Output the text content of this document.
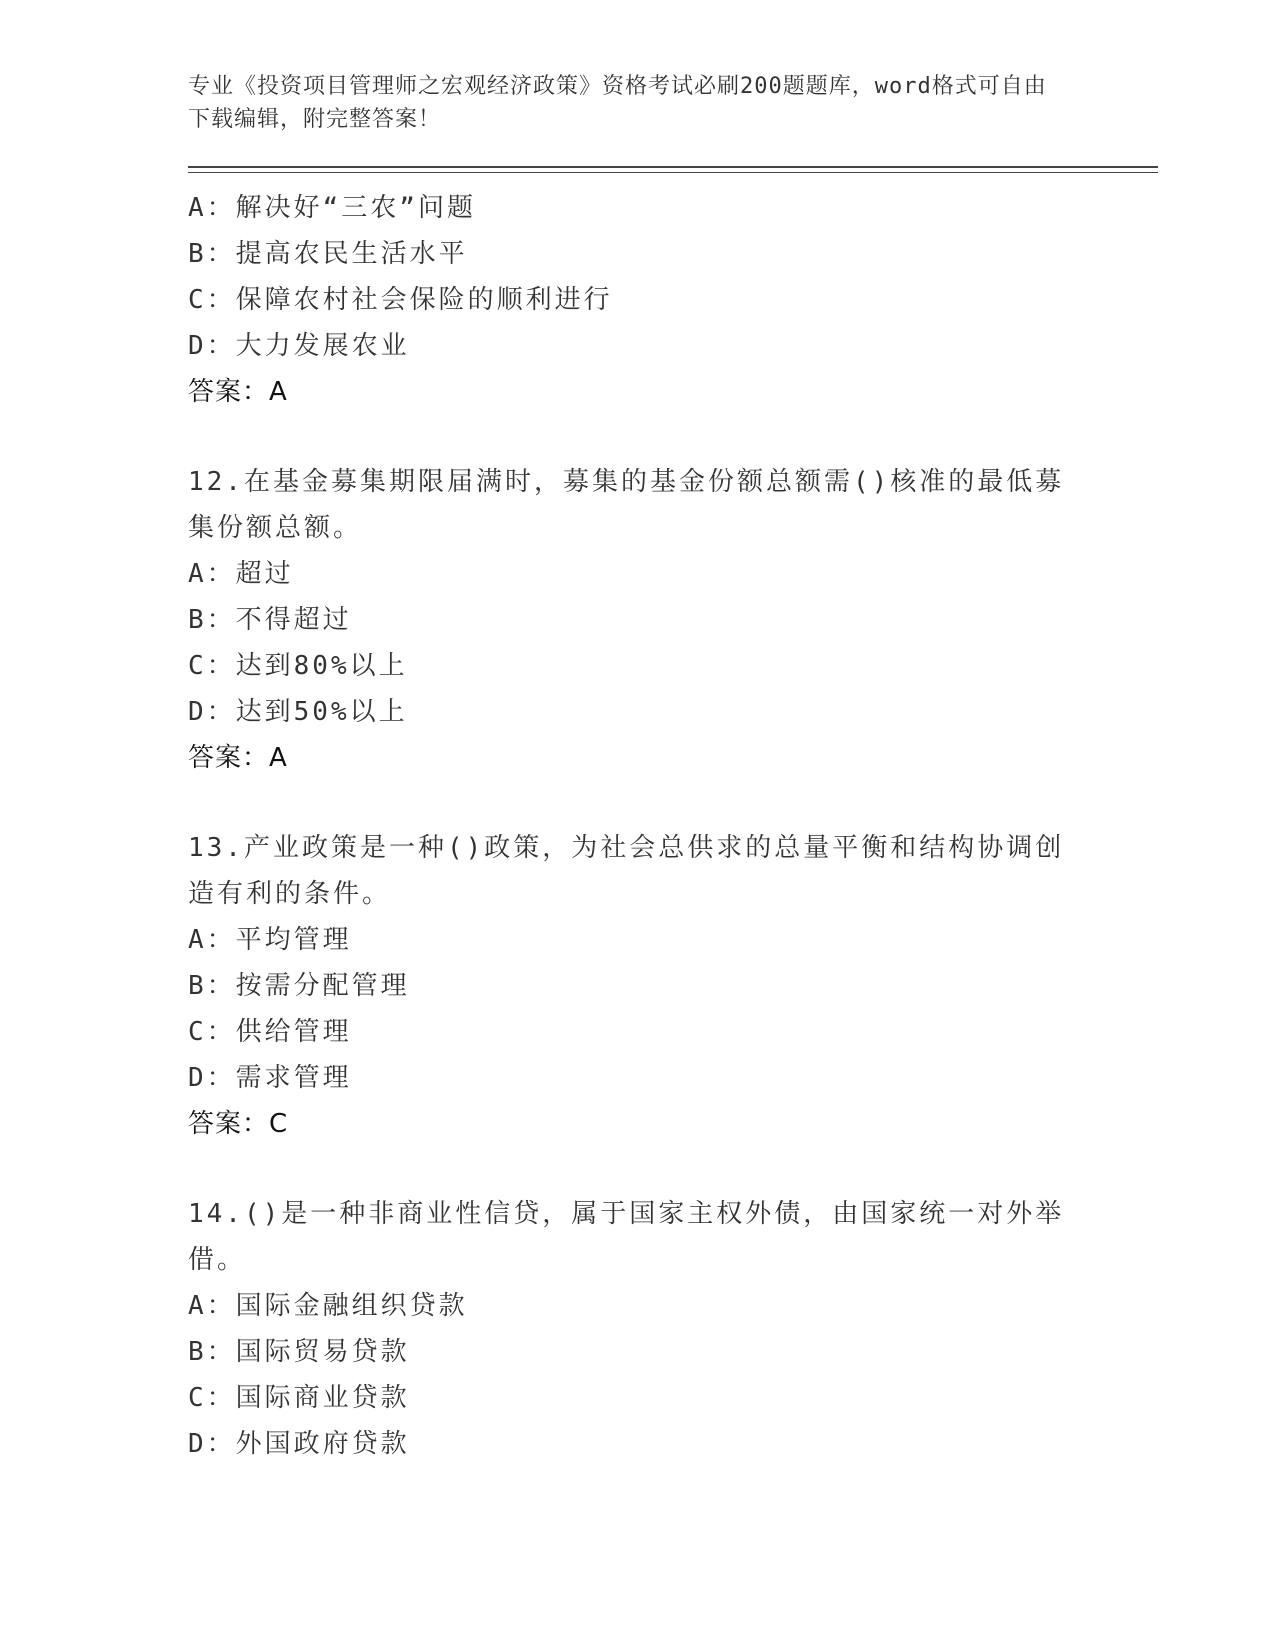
专业《投资项目管理师之宏观经济政策》资格考试必刷200题题库，word格式可自由下载编辑，附完整答案！
A：解决好“三农”问题
B：提高农民生活水平
C：保障农村社会保险的顺利进行
D：大力发展农业
答案：A
12.在基金募集期限届满时，募集的基金份额总额需()核准的最低募集份额总额。
A：超过
B：不得超过
C：达到80%以上
D：达到50%以上
答案：A
13.产业政策是一种()政策，为社会总供求的总量平衡和结构协调创造有利的条件。
A：平均管理
B：按需分配管理
C：供给管理
D：需求管理
答案：C
14.()是一种非商业性信贷，属于国家主权外债，由国家统一对外举借。
A：国际金融组织贷款
B：国际贸易贷款
C：国际商业贷款
D：外国政府贷款
